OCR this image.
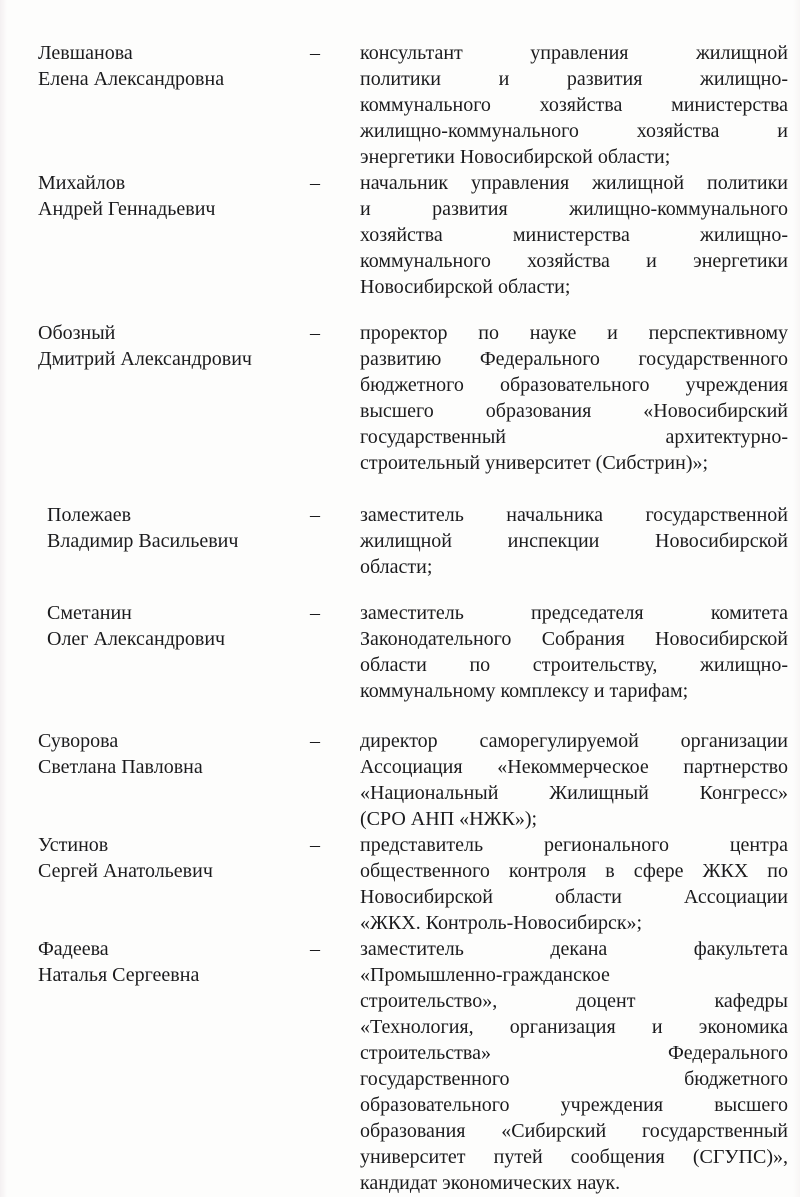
Левшанова
Елена Александровна
–	консультант управления жилищной
политики и развития жилищно-
коммунального хозяйства министерства
жилищно-коммунального хозяйства и
энергетики Новосибирской области;
Михайлов
Андрей Геннадьевич
–	начальник управления жилищной политики
и развития жилищно-коммунального
хозяйства министерства жилищно-
коммунального хозяйства и энергетики
Новосибирской области;
Обозный
Дмитрий Александрович
–	проректор по науке и перспективному
развитию Федерального государственного
бюджетного образовательного учреждения
высшего образования «Новосибирский
государственный архитектурно-
строительный университет (Сибстрин)»;
Полежаев
Владимир Васильевич
–	заместитель начальника государственной
жилищной инспекции Новосибирской
области;
Сметанин
Олег Александрович
–	заместитель председателя комитета
Законодательного Собрания Новосибирской
области по строительству, жилищно-
коммунальному комплексу и тарифам;
Суворова
Светлана Павловна
–	директор саморегулируемой организации
Ассоциация «Некоммерческое партнерство
«Национальный Жилищный Конгресс»
(СРО АНП «НЖК»);
Устинов
Сергей Анатольевич
–	представитель регионального центра
общественного контроля в сфере ЖКХ по
Новосибирской области Ассоциации
«ЖКХ. Контроль-Новосибирск»;
Фадеева
Наталья Сергеевна
–	заместитель декана факультета
«Промышленно-гражданское
строительство», доцент кафедры
«Технология, организация и экономика
строительства» Федерального
государственного бюджетного
образовательного учреждения высшего
образования «Сибирский государственный
университет путей сообщения (СГУПС)»,
кандидат экономических наук.
